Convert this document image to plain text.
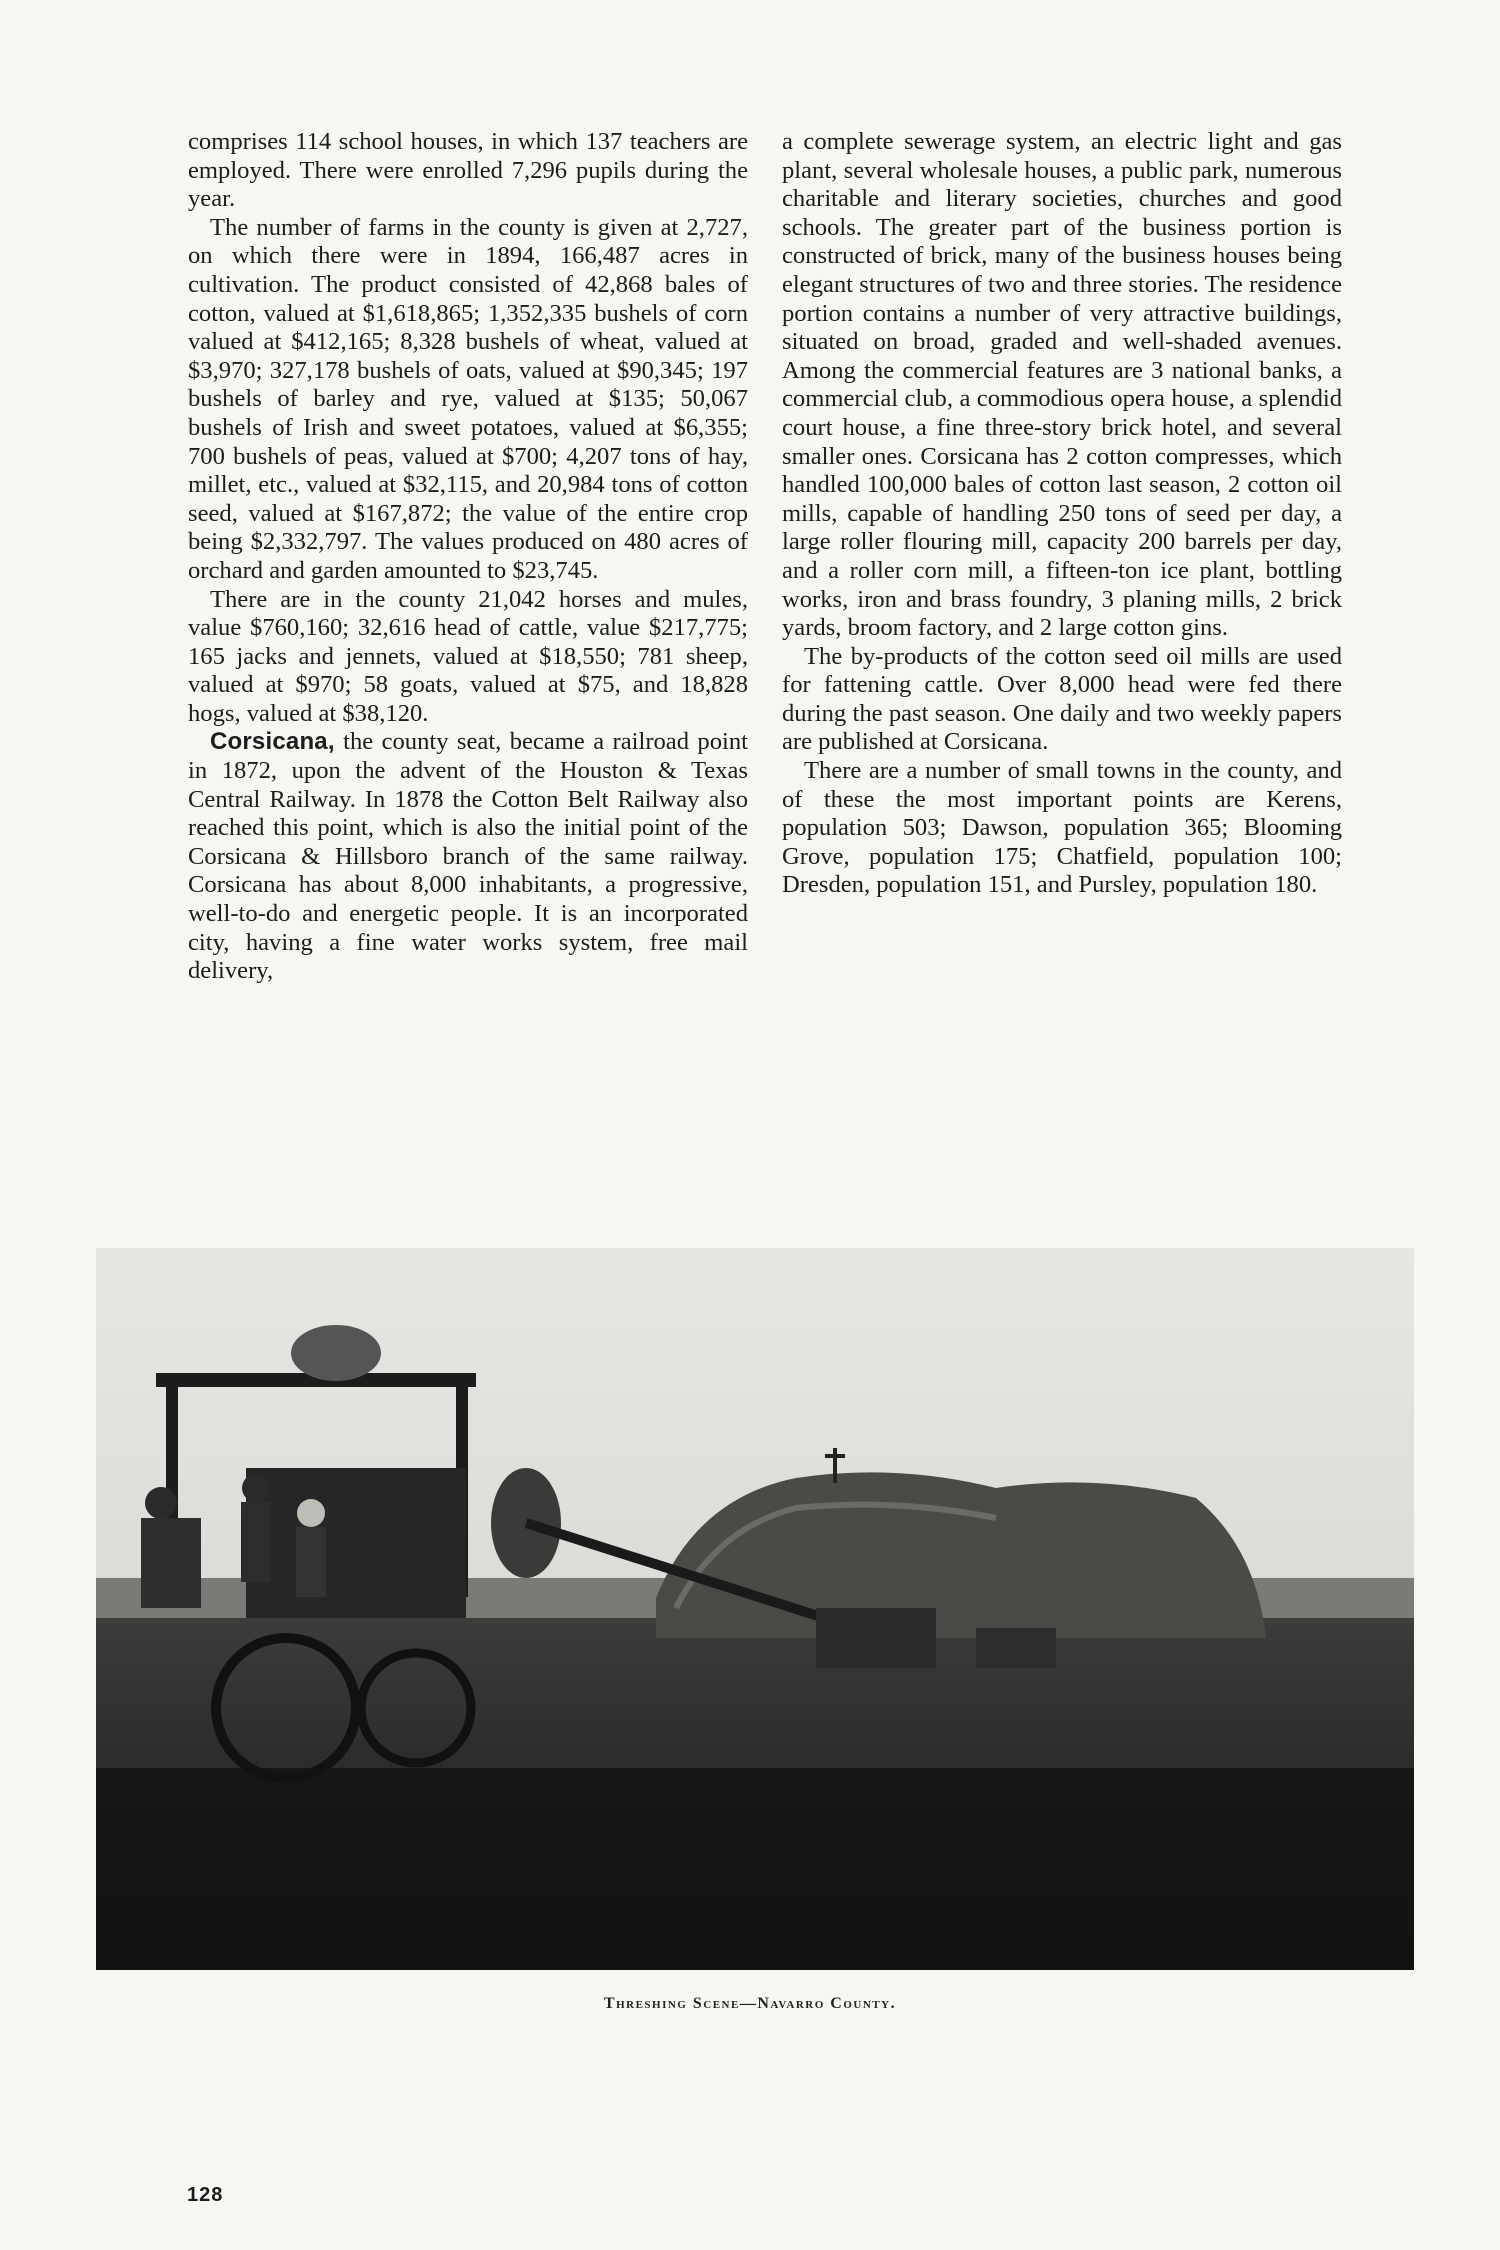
comprises 114 school houses, in which 137 teachers are employed. There were enrolled 7,296 pupils during the year.

The number of farms in the county is given at 2,727, on which there were in 1894, 166,487 acres in cultivation. The product consisted of 42,868 bales of cotton, valued at $1,618,865; 1,352,335 bushels of corn valued at $412,165; 8,328 bushels of wheat, valued at $3,970; 327,178 bushels of oats, valued at $90,345; 197 bushels of barley and rye, valued at $135; 50,067 bushels of Irish and sweet potatoes, valued at $6,355; 700 bushels of peas, valued at $700; 4,207 tons of hay, millet, etc., valued at $32,115, and 20,984 tons of cotton seed, valued at $167,872; the value of the entire crop being $2,332,797. The values produced on 480 acres of orchard and garden amounted to $23,745.

There are in the county 21,042 horses and mules, value $760,160; 32,616 head of cattle, value $217,775; 165 jacks and jennets, valued at $18,550; 781 sheep, valued at $970; 58 goats, valued at $75, and 18,828 hogs, valued at $38,120.

Corsicana, the county seat, became a railroad point in 1872, upon the advent of the Houston & Texas Central Railway. In 1878 the Cotton Belt Railway also reached this point, which is also the initial point of the Corsicana & Hillsboro branch of the same railway. Corsicana has about 8,000 inhabitants, a progressive, well-to-do and energetic people. It is an incorporated city, having a fine water works system, free mail delivery,

a complete sewerage system, an electric light and gas plant, several wholesale houses, a public park, numerous charitable and literary societies, churches and good schools. The greater part of the business portion is constructed of brick, many of the business houses being elegant structures of two and three stories. The residence portion contains a number of very attractive buildings, situated on broad, graded and well-shaded avenues. Among the commercial features are 3 national banks, a commercial club, a commodious opera house, a splendid court house, a fine three-story brick hotel, and several smaller ones. Corsicana has 2 cotton compresses, which handled 100,000 bales of cotton last season, 2 cotton oil mills, capable of handling 250 tons of seed per day, a large roller flouring mill, capacity 200 barrels per day, and a roller corn mill, a fifteen-ton ice plant, bottling works, iron and brass foundry, 3 planing mills, 2 brick yards, broom factory, and 2 large cotton gins.

The by-products of the cotton seed oil mills are used for fattening cattle. Over 8,000 head were fed there during the past season. One daily and two weekly papers are published at Corsicana.

There are a number of small towns in the county, and of these the most important points are Kerens, population 503; Dawson, population 365; Blooming Grove, population 175; Chatfield, population 100; Dresden, population 151, and Pursley, population 180.

Threshing Scene—Navarro County.
128
